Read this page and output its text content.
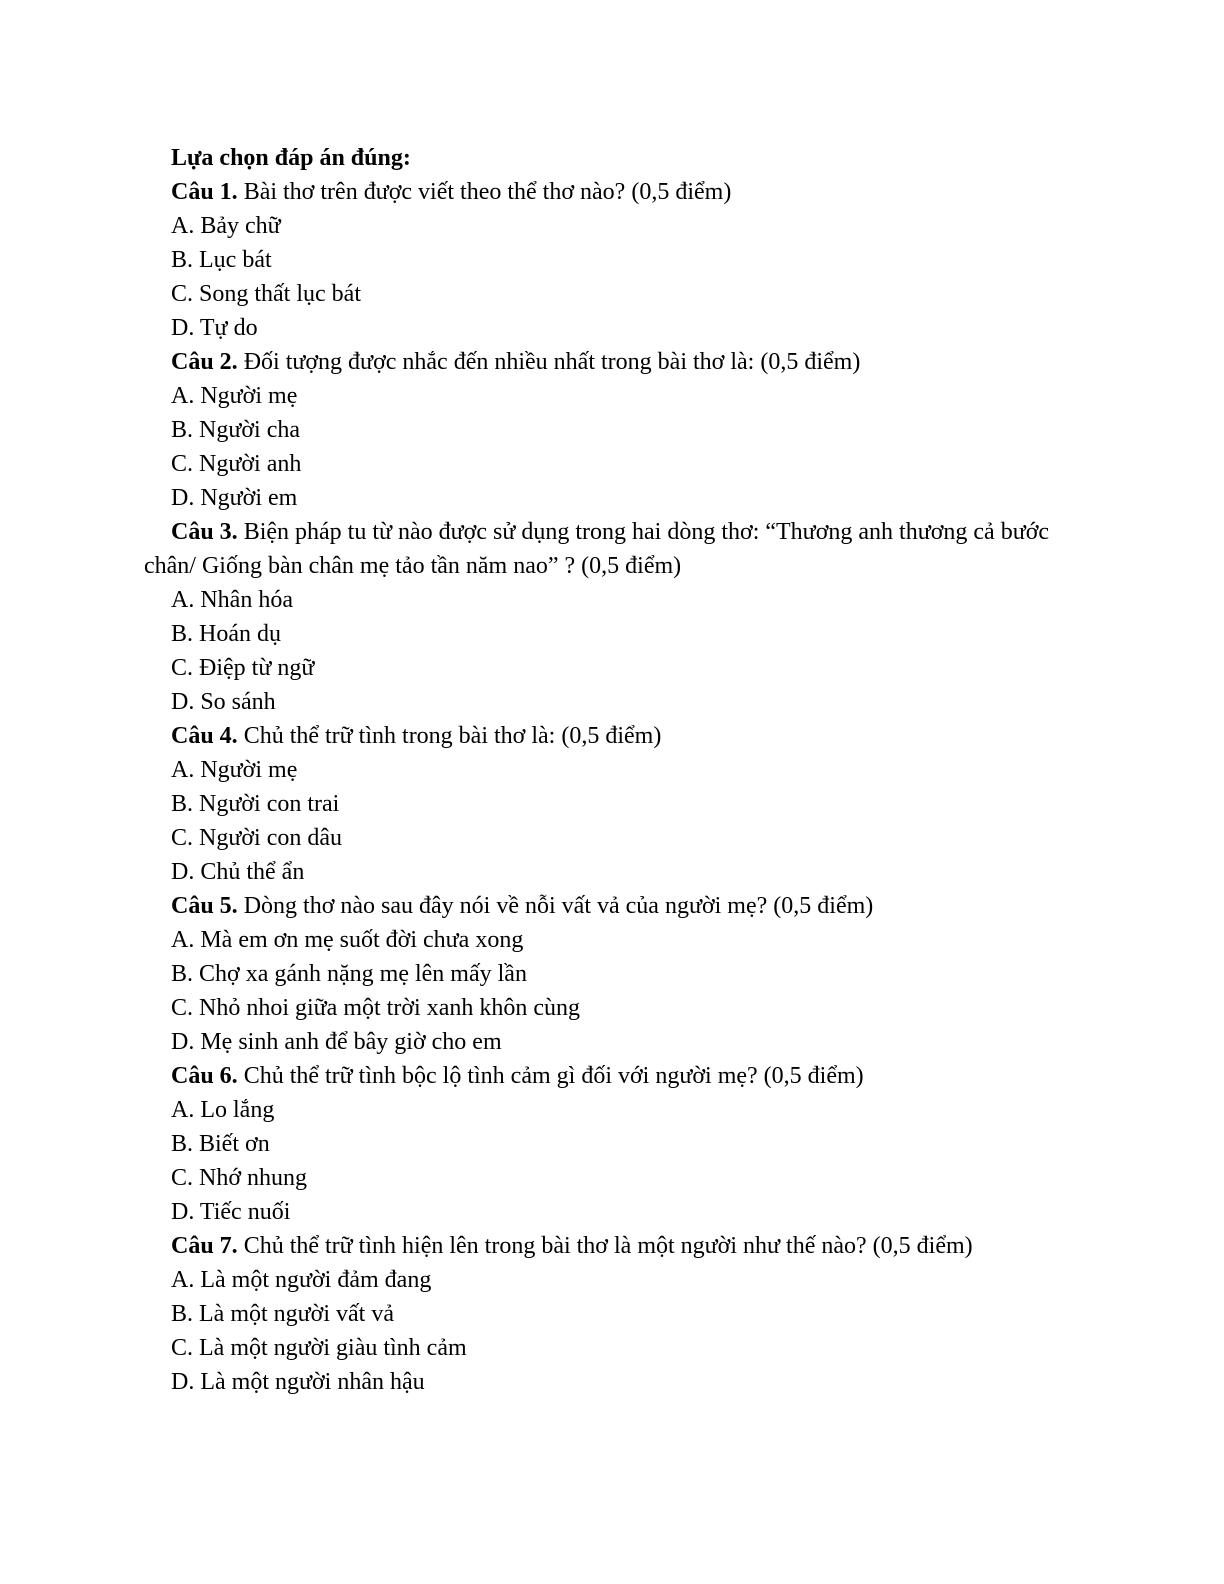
Lựa chọn đáp án đúng:
Câu 1. Bài thơ trên được viết theo thể thơ nào? (0,5 điểm)
A. Bảy chữ
B. Lục bát
C. Song thất lục bát
D. Tự do
Câu 2. Đối tượng được nhắc đến nhiều nhất trong bài thơ là: (0,5 điểm)
A. Người mẹ
B. Người cha
C. Người anh
D. Người em
Câu 3. Biện pháp tu từ nào được sử dụng trong hai dòng thơ: “Thương anh thương cả bước chân/ Giống bàn chân mẹ tảo tần năm nao” ? (0,5 điểm)
A. Nhân hóa
B. Hoán dụ
C. Điệp từ ngữ
D. So sánh
Câu 4. Chủ thể trữ tình trong bài thơ là: (0,5 điểm)
A. Người mẹ
B. Người con trai
C. Người con dâu
D. Chủ thể ẩn
Câu 5. Dòng thơ nào sau đây nói về nỗi vất vả của người mẹ? (0,5 điểm)
A. Mà em ơn mẹ suốt đời chưa xong
B. Chợ xa gánh nặng mẹ lên mấy lần
C. Nhỏ nhoi giữa một trời xanh khôn cùng
D. Mẹ sinh anh để bây giờ cho em
Câu 6. Chủ thể trữ tình bộc lộ tình cảm gì đối với người mẹ? (0,5 điểm)
A. Lo lắng
B. Biết ơn
C. Nhớ nhung
D. Tiếc nuối
Câu 7. Chủ thể trữ tình hiện lên trong bài thơ là một người như thế nào? (0,5 điểm)
A. Là một người đảm đang
B. Là một người vất vả
C. Là một người giàu tình cảm
D. Là một người nhân hậu
